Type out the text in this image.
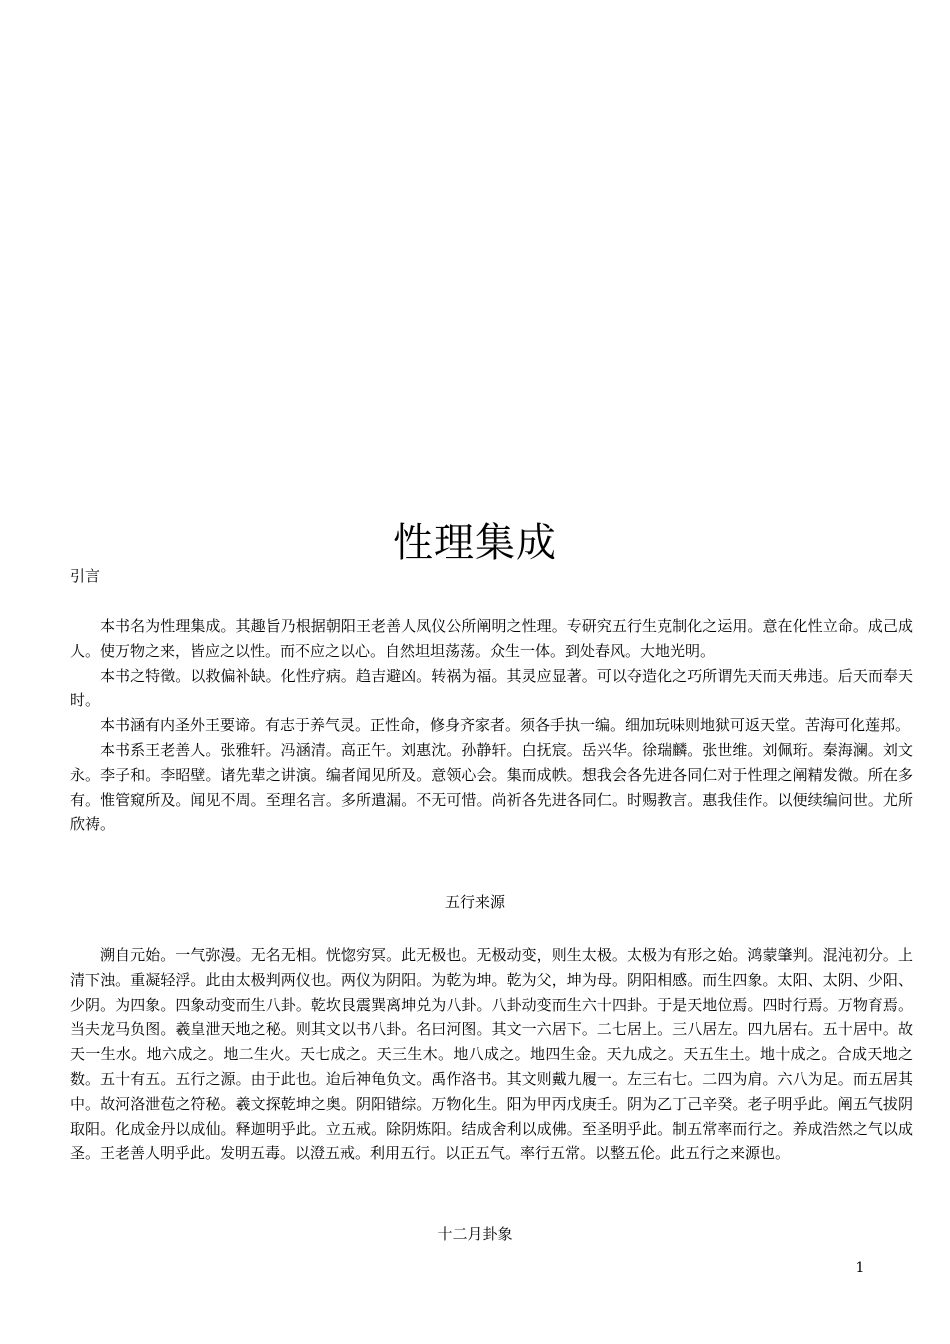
性理集成
引言

本书名为性理集成。其趣旨乃根据朝阳王老善人凤仪公所阐明之性理。专研究五行生克制化之运用。意在化性立命。成己成人。使万物之来，皆应之以性。而不应之以心。自然坦坦荡荡。众生一体。到处春风。大地光明。

本书之特徵。以救偏补缺。化性疗病。趋吉避凶。转祸为福。其灵应显著。可以夺造化之巧所谓先天而天弗违。后天而奉天时。

本书涵有内圣外王要谛。有志于养气灵。正性命，修身齐家者。须各手执一编。细加玩味则地狱可返天堂。苦海可化莲邦。

本书系王老善人。张雅轩。冯涵清。高正午。刘惠沈。孙静轩。白抚宸。岳兴华。徐瑞麟。张世维。刘佩珩。秦海澜。刘文永。李子和。李昭壁。诸先辈之讲演。编者闻见所及。意领心会。集而成帙。想我会各先进各同仁对于性理之阐精发微。所在多有。惟管窥所及。闻见不周。至理名言。多所遣漏。不无可惜。尚祈各先进各同仁。时赐教言。惠我佳作。以便续编问世。尤所欣祷。

五行来源

溯自元始。一气弥漫。无名无相。恍惚穷冥。此无极也。无极动变，则生太极。太极为有形之始。鸿蒙肇判。混沌初分。上清下浊。重凝轻浮。此由太极判两仪也。两仪为阴阳。为乾为坤。乾为父，坤为母。阴阳相感。而生四象。太阳、太阴、少阳、少阴。为四象。四象动变而生八卦。乾坎艮震巽离坤兑为八卦。八卦动变而生六十四卦。于是天地位焉。四时行焉。万物育焉。当夫龙马负图。羲皇泄天地之秘。则其文以书八卦。名曰河图。其文一六居下。二七居上。三八居左。四九居右。五十居中。故天一生水。地六成之。地二生火。天七成之。天三生木。地八成之。地四生金。天九成之。天五生土。地十成之。合成天地之数。五十有五。五行之源。由于此也。迨后神龟负文。禹作洛书。其文则戴九履一。左三右七。二四为肩。六八为足。而五居其中。故河洛泄苞之符秘。羲文探乾坤之奥。阴阳错综。万物化生。阳为甲丙戊庚壬。阴为乙丁己辛癸。老子明乎此。阐五气拔阴取阳。化成金丹以成仙。释迦明乎此。立五戒。除阴炼阳。结成舍利以成佛。至圣明乎此。制五常率而行之。养成浩然之气以成圣。王老善人明乎此。发明五毒。以澄五戒。利用五行。以正五气。率行五常。以整五伦。此五行之来源也。

十二月卦象
1
